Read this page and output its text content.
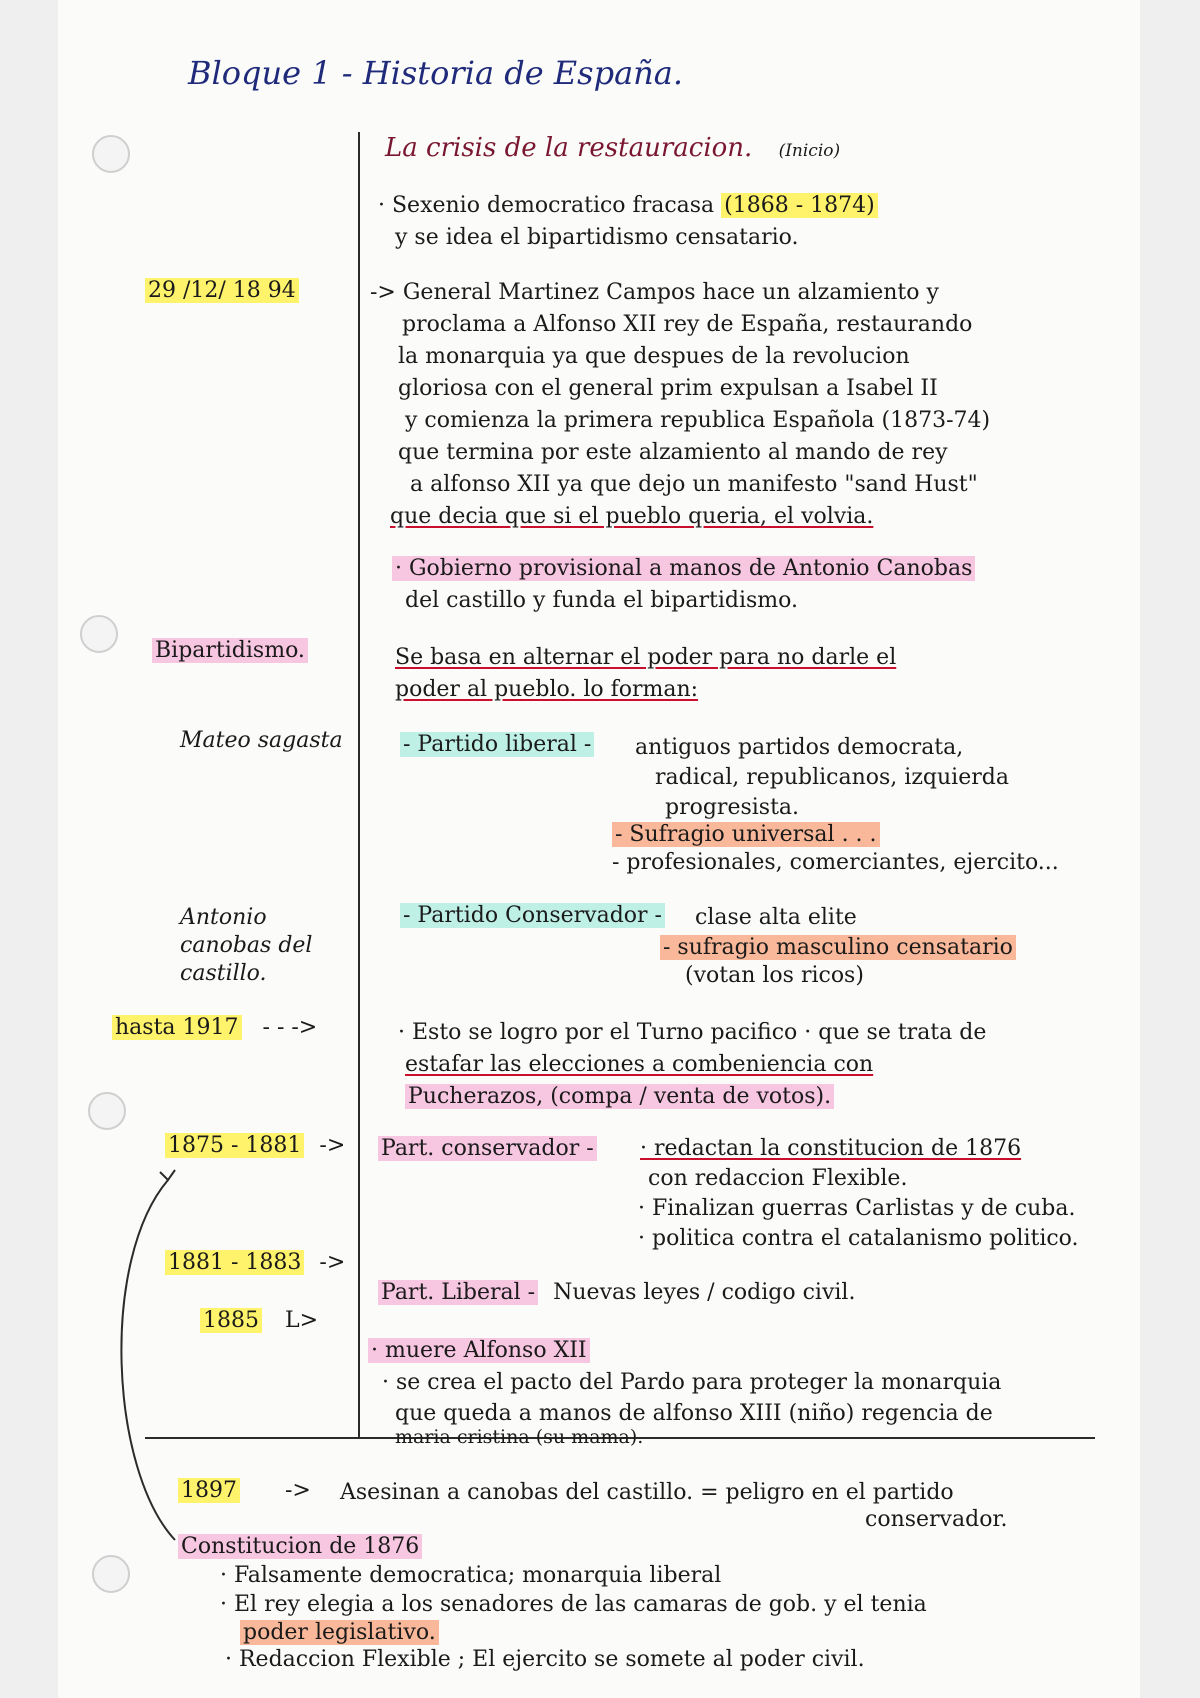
Bloque 1 - Historia de España.
La crisis de la restauracion. (Inicio)
· Sexenio democratico fracasa (1868 - 1874)
y se idea el bipartidismo censatario.
29 /12/ 18 94
Bipartidismo.
Mateo sagasta
Antonio
canobas del
castillo.
hasta 1917 - - ->
1875 - 1881 ->
1881 - 1883 ->
1885 L>
-> General Martinez Campos hace un alzamiento y
proclama a Alfonso XII rey de España, restaurando
la monarquia ya que despues de la revolucion
gloriosa con el general prim expulsan a Isabel II
y comienza la primera republica Española (1873-74)
que termina por este alzamiento al mando de rey
a alfonso XII ya que dejo un manifesto "sand Hust"
que decia que si el pueblo queria, el volvia.
· Gobierno provisional a manos de Antonio Canobas
del castillo y funda el bipartidismo.
Se basa en alternar el poder para no darle el
poder al pueblo. lo forman:
- Partido liberal - antiguos partidos democrata,
radical, republicanos, izquierda
progresista.
- Sufragio universal . . .
- profesionales, comerciantes, ejercito...
- Partido Conservador - clase alta elite
- sufragio masculino censatario
(votan los ricos)
· Esto se logro por el Turno pacifico · que se trata de
estafar las elecciones a combeniencia con
Pucherazos, (compa / venta de votos).
Part. conservador - · redactan la constitucion de 1876
con redaccion Flexible.
· Finalizan guerras Carlistas y de cuba.
· politica contra el catalanismo politico.
Part. Liberal - Nuevas leyes / codigo civil.
· muere Alfonso XII
· se crea el pacto del Pardo para proteger la monarquia
que queda a manos de alfonso XIII (niño) regencia de
maria cristina (su mama).
1897 -> Asesinan a canobas del castillo. = peligro en el partido
conservador.
Constitucion de 1876
· Falsamente democratica; monarquia liberal
· El rey elegia a los senadores de las camaras de gob. y el tenia
poder legislativo.
· Redaccion Flexible ; El ejercito se somete al poder civil.
